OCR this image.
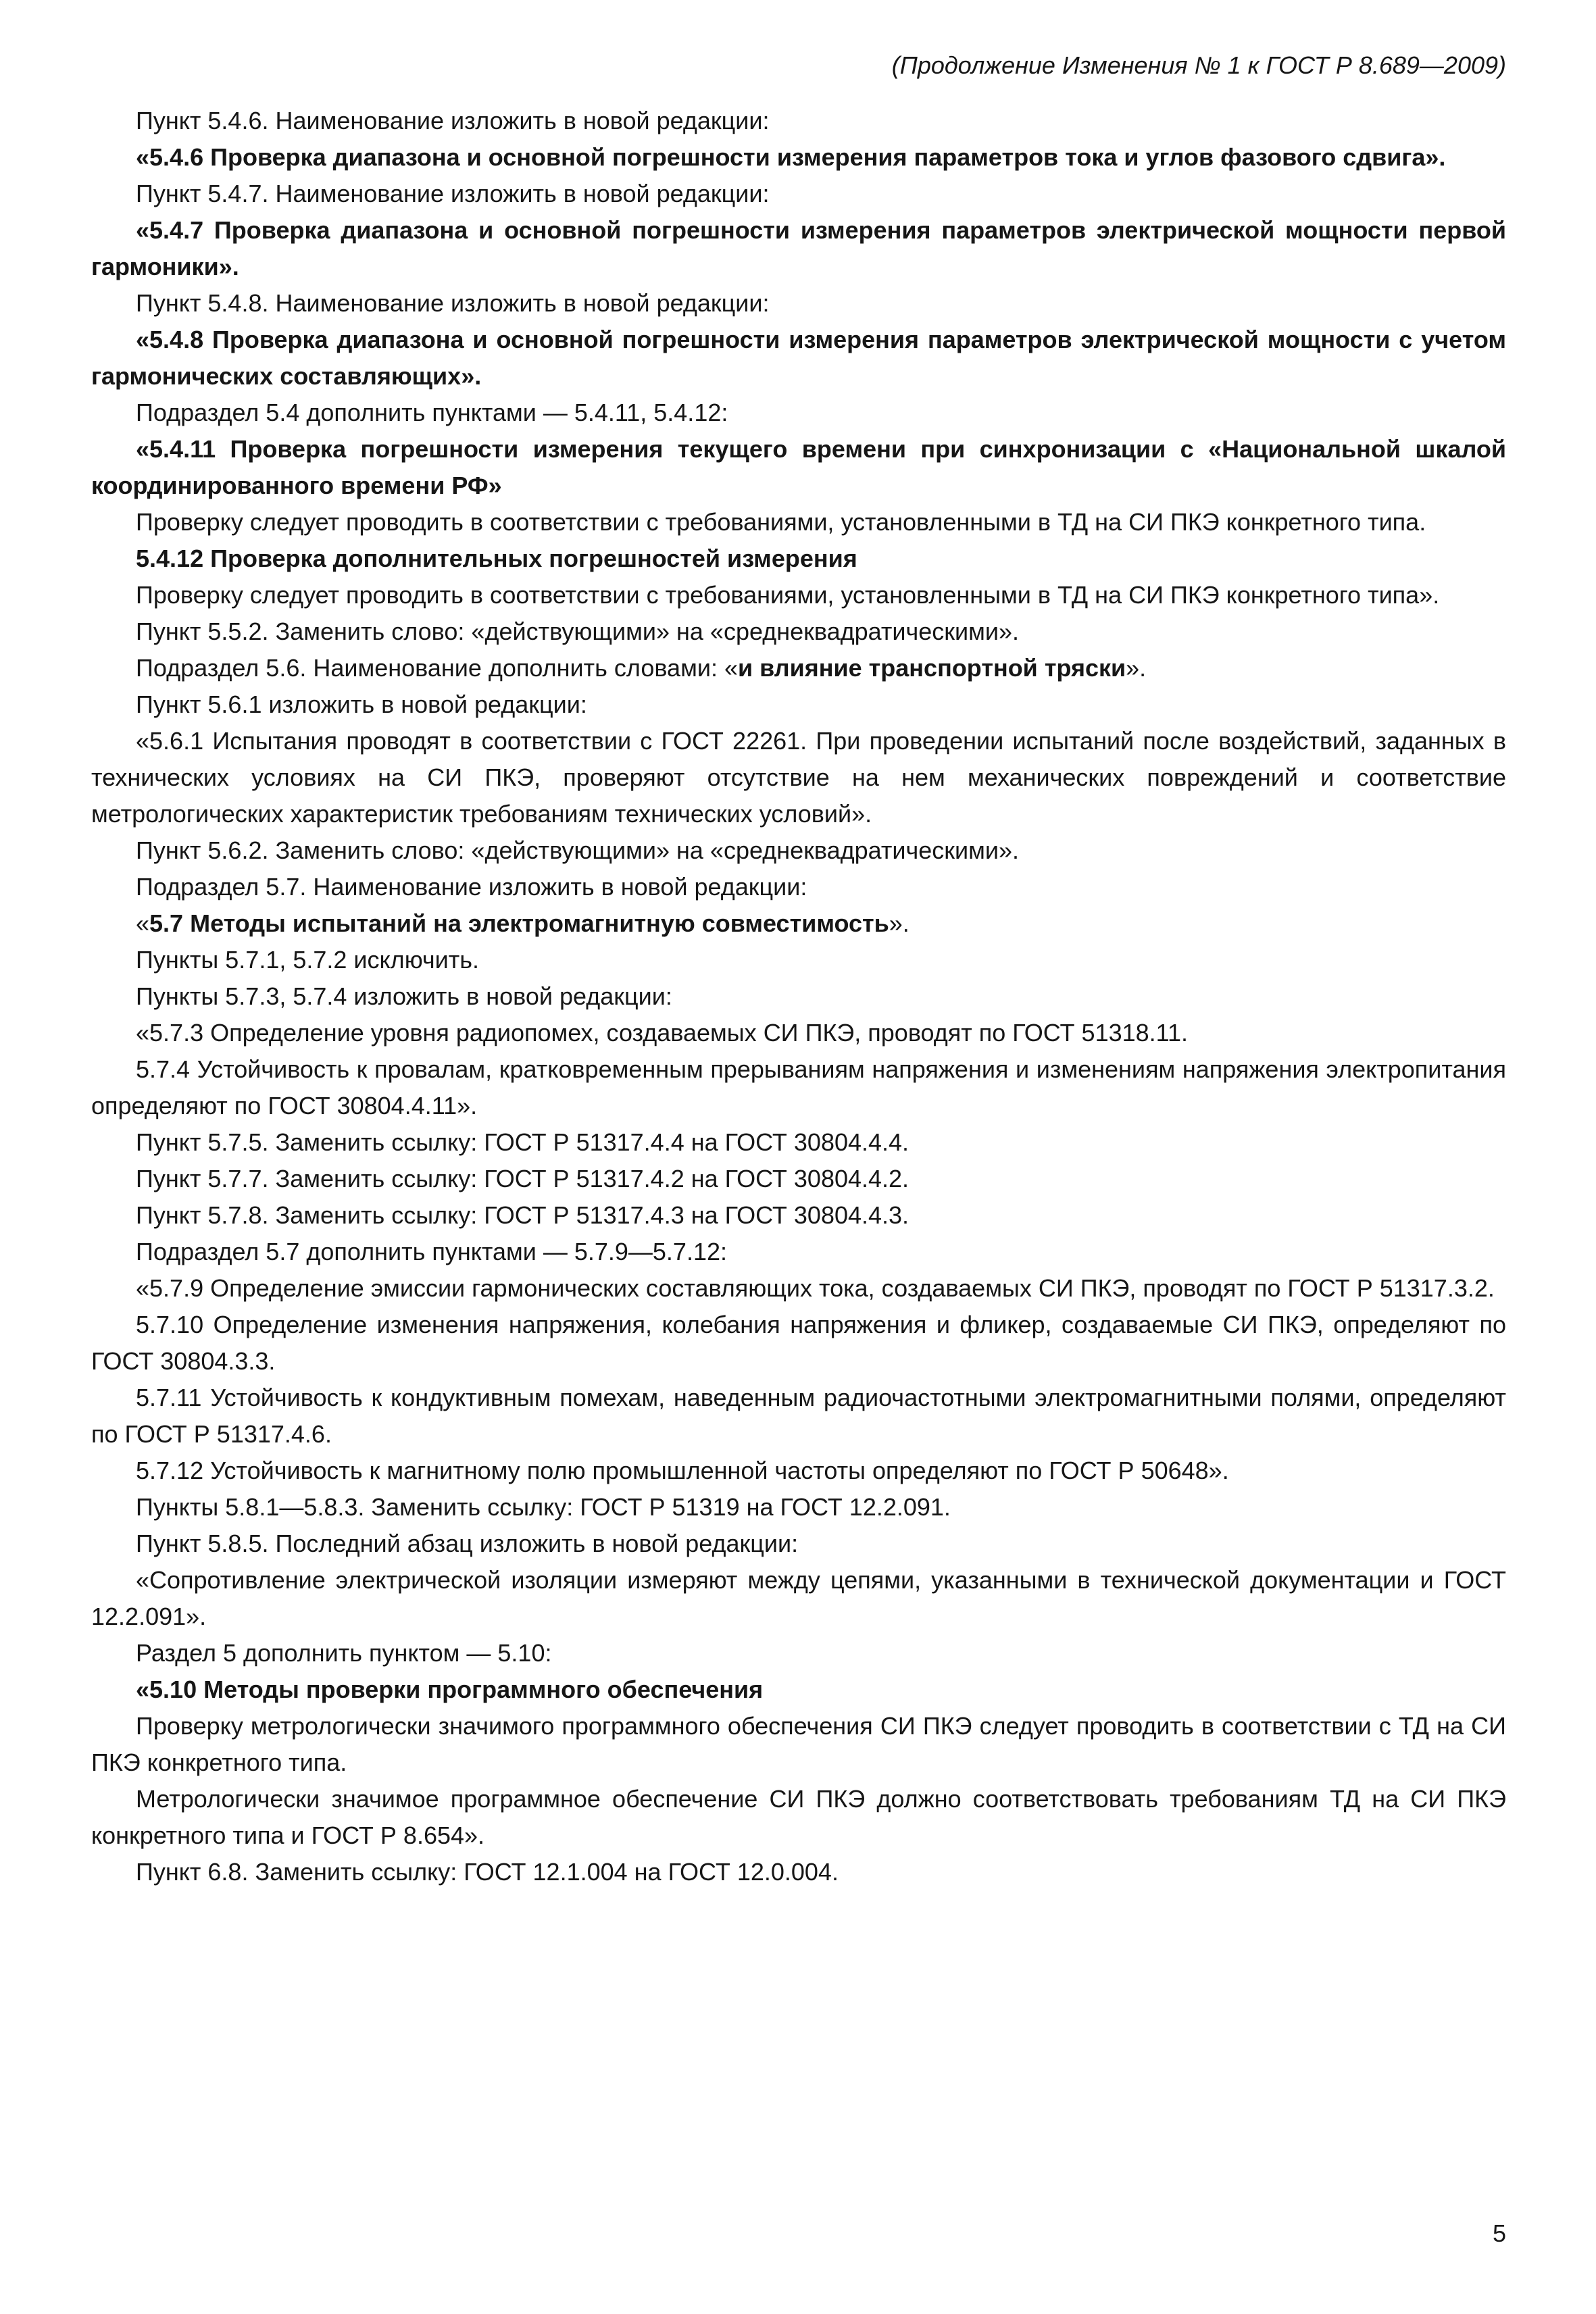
(Продолжение Изменения № 1 к ГОСТ Р 8.689—2009)

Пункт 5.4.6. Наименование изложить в новой редакции:

«5.4.6 Проверка диапазона и основной погрешности измерения параметров тока и углов фазового сдвига».

Пункт 5.4.7. Наименование изложить в новой редакции:

«5.4.7 Проверка диапазона и основной погрешности измерения параметров электрической мощности первой гармоники».

Пункт 5.4.8. Наименование изложить в новой редакции:

«5.4.8 Проверка диапазона и основной погрешности измерения параметров электрической мощности с учетом гармонических составляющих».

Подраздел 5.4 дополнить пунктами — 5.4.11, 5.4.12:

«5.4.11 Проверка погрешности измерения текущего времени при синхронизации с «Национальной шкалой координированного времени РФ»

Проверку следует проводить в соответствии с требованиями, установленными в ТД на СИ ПКЭ конкретного типа.

5.4.12 Проверка дополнительных погрешностей измерения

Проверку следует проводить в соответствии с требованиями, установленными в ТД на СИ ПКЭ конкретного типа».

Пункт 5.5.2. Заменить слово: «действующими» на «среднеквадратическими».

Подраздел 5.6. Наименование дополнить словами: «и влияние транспортной тряски».

Пункт 5.6.1 изложить в новой редакции:

«5.6.1 Испытания проводят в соответствии с ГОСТ 22261. При проведении испытаний после воздействий, заданных в технических условиях на СИ ПКЭ, проверяют отсутствие на нем механических повреждений и соответствие метрологических характеристик требованиям технических условий».

Пункт 5.6.2. Заменить слово: «действующими» на «среднеквадратическими».

Подраздел 5.7. Наименование изложить в новой редакции:

«5.7 Методы испытаний на электромагнитную совместимость».

Пункты 5.7.1, 5.7.2 исключить.

Пункты 5.7.3, 5.7.4 изложить в новой редакции:

«5.7.3 Определение уровня радиопомех, создаваемых СИ ПКЭ, проводят по ГОСТ 51318.11.

5.7.4 Устойчивость к провалам, кратковременным прерываниям напряжения и изменениям напряжения электропитания определяют по ГОСТ 30804.4.11».

Пункт 5.7.5. Заменить ссылку: ГОСТ Р 51317.4.4 на ГОСТ 30804.4.4.

Пункт 5.7.7. Заменить ссылку: ГОСТ Р 51317.4.2 на ГОСТ 30804.4.2.

Пункт 5.7.8. Заменить ссылку: ГОСТ Р 51317.4.3 на ГОСТ 30804.4.3.

Подраздел 5.7 дополнить пунктами — 5.7.9—5.7.12:

«5.7.9 Определение эмиссии гармонических составляющих тока, создаваемых СИ ПКЭ, проводят по ГОСТ Р 51317.3.2.

5.7.10 Определение изменения напряжения, колебания напряжения и фликер, создаваемые СИ ПКЭ, определяют по ГОСТ 30804.3.3.

5.7.11 Устойчивость к кондуктивным помехам, наведенным радиочастотными электромагнитными полями, определяют по ГОСТ Р 51317.4.6.

5.7.12 Устойчивость к магнитному полю промышленной частоты определяют по ГОСТ Р 50648».

Пункты 5.8.1—5.8.3. Заменить ссылку: ГОСТ Р 51319 на ГОСТ 12.2.091.

Пункт 5.8.5. Последний абзац изложить в новой редакции:

«Сопротивление электрической изоляции измеряют между цепями, указанными в технической документации и ГОСТ 12.2.091».

Раздел 5 дополнить пунктом — 5.10:

«5.10 Методы проверки программного обеспечения

Проверку метрологически значимого программного обеспечения СИ ПКЭ следует проводить в соответствии с ТД на СИ ПКЭ конкретного типа.

Метрологически значимое программное обеспечение СИ ПКЭ должно соответствовать требованиям ТД на СИ ПКЭ конкретного типа и ГОСТ Р 8.654».

Пункт 6.8. Заменить ссылку: ГОСТ 12.1.004 на ГОСТ 12.0.004.

5
